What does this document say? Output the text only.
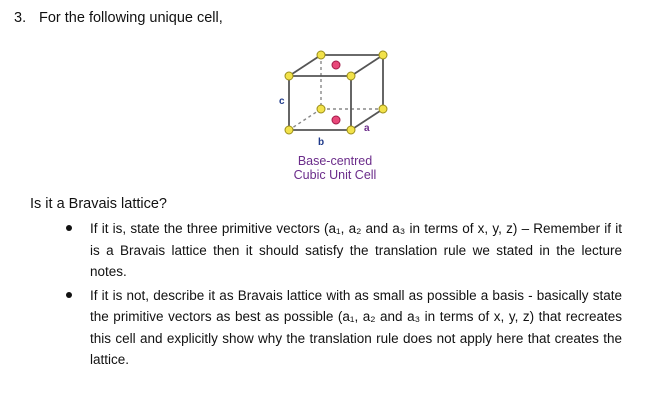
3. For the following unique cell,
c
b
a
Base-centred
Cubic Unit Cell
Is it a Bravais lattice?
If it is, state the three primitive vectors (a₁, a₂ and a₃ in terms of x, y, z) – Remember if it is a Bravais lattice then it should satisfy the translation rule we stated in the lecture notes.
If it is not, describe it as Bravais lattice with as small as possible a basis - basically state the primitive vectors as best as possible (a₁, a₂ and a₃ in terms of x, y, z) that recreates this cell and explicitly show why the translation rule does not apply here that creates the lattice.
